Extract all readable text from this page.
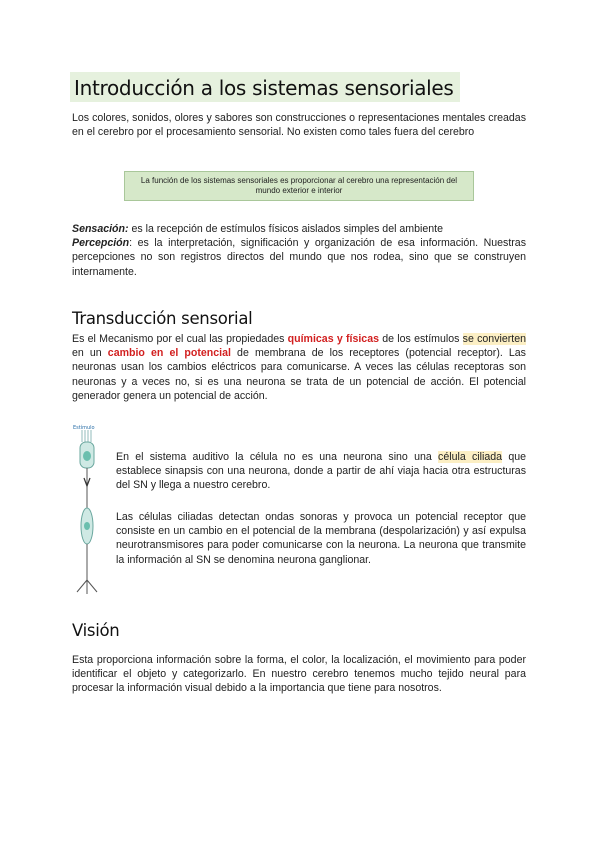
Introducción a los sistemas sensoriales

Los colores, sonidos, olores y sabores son construcciones o representaciones mentales creadas en el cerebro por el procesamiento sensorial. No existen como tales fuera del cerebro

La función de los sistemas sensoriales es proporcionar al cerebro una representación del mundo exterior e interior

Sensación: es la recepción de estímulos físicos aislados simples del ambiente
Percepción: es la interpretación, significación y organización de esa información. Nuestras percepciones no son registros directos del mundo que nos rodea, sino que se construyen internamente.

Transducción sensorial

Es el Mecanismo por el cual las propiedades químicas y físicas de los estímulos se convierten en un cambio en el potencial de membrana de los receptores (potencial receptor). Las neuronas usan los cambios eléctricos para comunicarse. A veces las células receptoras son neuronas y a veces no, si es una neurona se trata de un potencial de acción. El potencial generador genera un potencial de acción.

Estímulo

En el sistema auditivo la célula no es una neurona sino una célula ciliada que establece sinapsis con una neurona, donde a partir de ahí viaja hacia otra estructuras del SN y llega a nuestro cerebro.

Las células ciliadas detectan ondas sonoras y provoca un potencial receptor que consiste en un cambio en el potencial de la membrana (despolarización) y así expulsa neurotransmisores para poder comunicarse con la neurona. La neurona que transmite la información al SN se denomina neurona ganglionar.

Visión

Esta proporciona información sobre la forma, el color, la localización, el movimiento para poder identificar el objeto y categorizarlo. En nuestro cerebro tenemos mucho tejido neural para procesar la información visual debido a la importancia que tiene para nosotros.
